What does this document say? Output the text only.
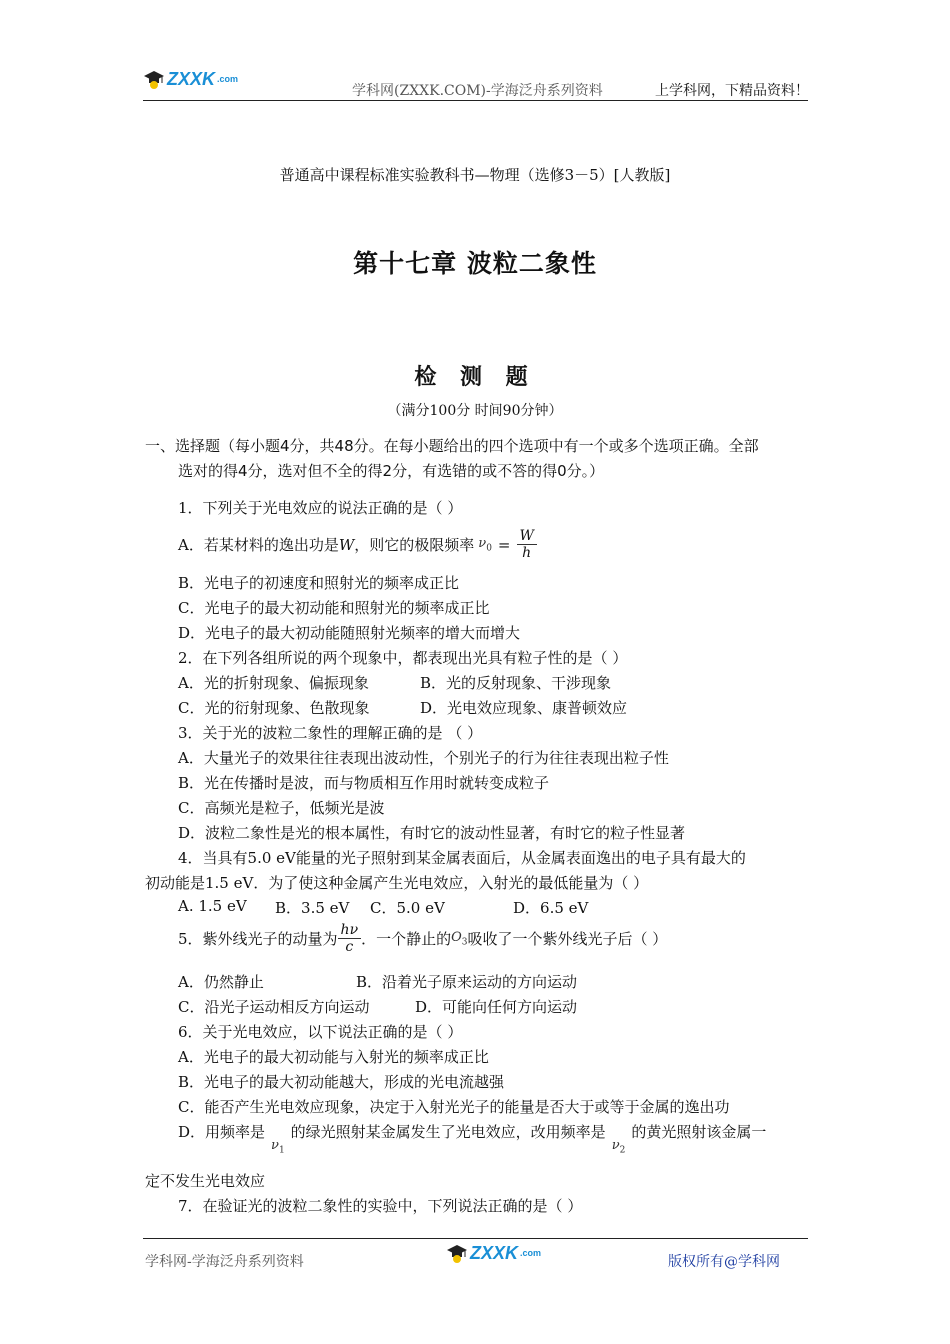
ZXXK .com
学科网(ZXXK.COM)-学海泛舟系列资料	上学科网，下精品资料！
普通高中课程标准实验教科书—物理（选修3－5）[人教版]
第十七章 波粒二象性
检 测 题
（满分100分 时间90分钟）
一、选择题（每小题4分，共48分。在每小题给出的四个选项中有一个或多个选项正确。全部
选对的得4分，选对但不全的得2分，有选错的或不答的得0分。）
1．下列关于光电效应的说法正确的是（ ）
A．若某材料的逸出功是 W ，则它的极限频率 $\nu_0 = \frac{W}{h}$
B．光电子的初速度和照射光的频率成正比
C．光电子的最大初动能和照射光的频率成正比
D．光电子的最大初动能随照射光频率的增大而增大
2．在下列各组所说的两个现象中，都表现出光具有粒子性的是（ ）
A．光的折射现象、偏振现象	B．光的反射现象、干涉现象
C．光的衍射现象、色散现象	D．光电效应现象、康普顿效应
3．关于光的波粒二象性的理解正确的是 （ ）
A．大量光子的效果往往表现出波动性，个别光子的行为往往表现出粒子性
B．光在传播时是波，而与物质相互作用时就转变成粒子
C．高频光是粒子，低频光是波
D．波粒二象性是光的根本属性，有时它的波动性显著，有时它的粒子性显著
4．当具有5.0 eV能量的光子照射到某金属表面后，从金属表面逸出的电子具有最大的
初动能是1.5 eV．为了使这种金属产生光电效应，入射光的最低能量为（ ）
A. 1.5 eV B．3.5 eV C．5.0 eV	D．6.5 eV
5．紫外线光子的动量为 $\frac{h\nu}{c}$ ．一个静止的 $O_3$ 吸收了一个紫外线光子后（ ）
A．仍然静止	B．沿着光子原来运动的方向运动
C．沿光子运动相反方向运动	D．可能向任何方向运动
6．关于光电效应，以下说法正确的是（ ）
A．光电子的最大初动能与入射光的频率成正比
B．光电子的最大初动能越大，形成的光电流越强
C．能否产生光电效应现象，决定于入射光光子的能量是否大于或等于金属的逸出功
D．用频率是$\nu_1$的绿光照射某金属发生了光电效应，改用频率是$\nu_2$的黄光照射该金属一
定不发生光电效应
7．在验证光的波粒二象性的实验中，下列说法正确的是（ ）
学科网-学海泛舟系列资料	ZXXK .com
版权所有@学科网
